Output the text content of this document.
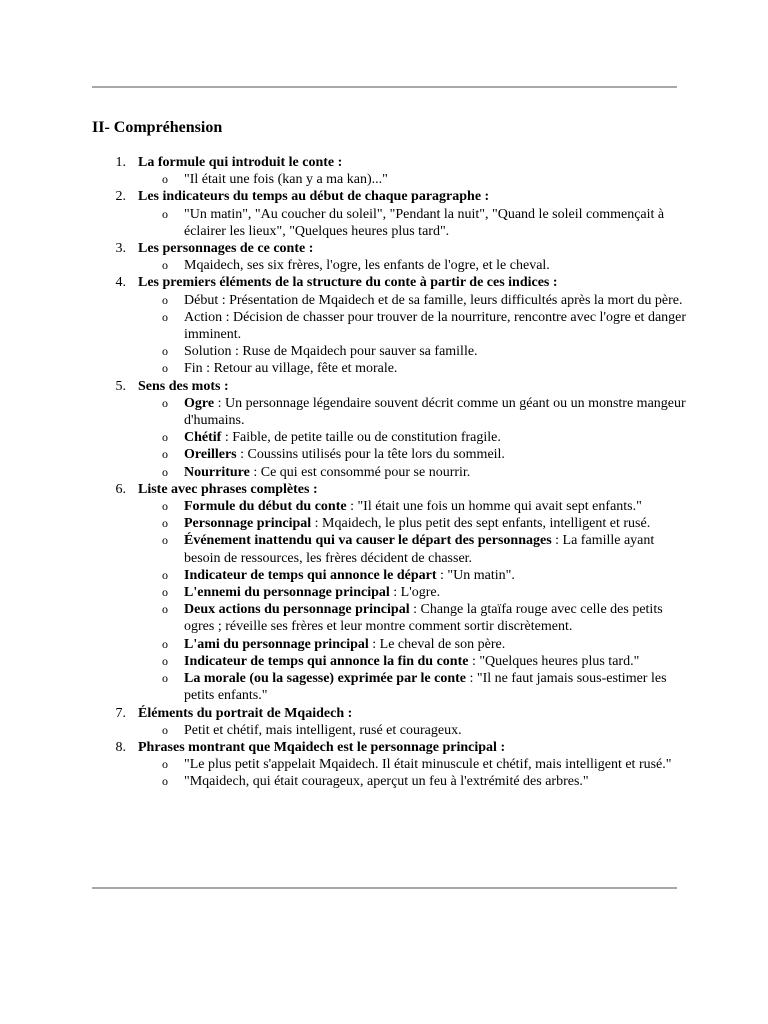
II- Compréhension
1. La formule qui introduit le conte :
o "Il était une fois (kan y a ma kan)..."
2. Les indicateurs du temps au début de chaque paragraphe :
o "Un matin", "Au coucher du soleil", "Pendant la nuit", "Quand le soleil commençait à éclairer les lieux", "Quelques heures plus tard".
3. Les personnages de ce conte :
o Mqaidech, ses six frères, l'ogre, les enfants de l'ogre, et le cheval.
4. Les premiers éléments de la structure du conte à partir de ces indices :
o Début : Présentation de Mqaidech et de sa famille, leurs difficultés après la mort du père.
o Action : Décision de chasser pour trouver de la nourriture, rencontre avec l'ogre et danger imminent.
o Solution : Ruse de Mqaidech pour sauver sa famille.
o Fin : Retour au village, fête et morale.
5. Sens des mots :
o Ogre : Un personnage légendaire souvent décrit comme un géant ou un monstre mangeur d'humains.
o Chétif : Faible, de petite taille ou de constitution fragile.
o Oreillers : Coussins utilisés pour la tête lors du sommeil.
o Nourriture : Ce qui est consommé pour se nourrir.
6. Liste avec phrases complètes :
o Formule du début du conte : "Il était une fois un homme qui avait sept enfants."
o Personnage principal : Mqaidech, le plus petit des sept enfants, intelligent et rusé.
o Événement inattendu qui va causer le départ des personnages : La famille ayant besoin de ressources, les frères décident de chasser.
o Indicateur de temps qui annonce le départ : "Un matin".
o L'ennemi du personnage principal : L'ogre.
o Deux actions du personnage principal : Change la gtaïfa rouge avec celle des petits ogres ; réveille ses frères et leur montre comment sortir discrètement.
o L'ami du personnage principal : Le cheval de son père.
o Indicateur de temps qui annonce la fin du conte : "Quelques heures plus tard."
o La morale (ou la sagesse) exprimée par le conte : "Il ne faut jamais sous-estimer les petits enfants."
7. Éléments du portrait de Mqaidech :
o Petit et chétif, mais intelligent, rusé et courageux.
8. Phrases montrant que Mqaidech est le personnage principal :
o "Le plus petit s'appelait Mqaidech. Il était minuscule et chétif, mais intelligent et rusé."
o "Mqaidech, qui était courageux, aperçut un feu à l'extrémité des arbres."
